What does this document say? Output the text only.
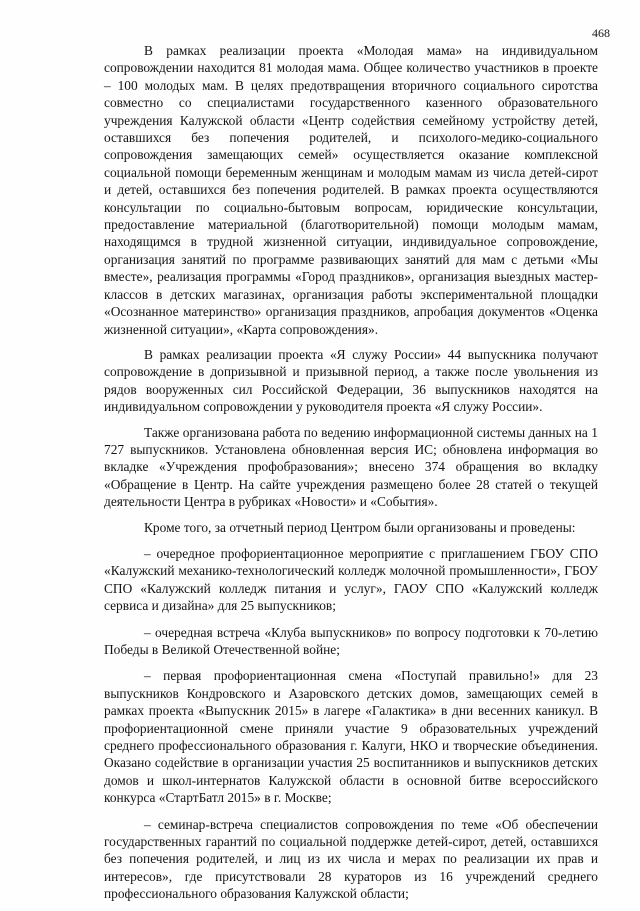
468

В рамках реализации проекта «Молодая мама» на индивидуальном сопровождении находится 81 молодая мама. Общее количество участников в проекте – 100 молодых мам. В целях предотвращения вторичного социального сиротства совместно со специалистами государственного казенного образовательного учреждения Калужской области «Центр содействия семейному устройству детей, оставшихся без попечения родителей, и психолого-медико-социального сопровождения замещающих семей» осуществляется оказание комплексной социальной помощи беременным женщинам и молодым мамам из числа детей-сирот и детей, оставшихся без попечения родителей. В рамках проекта осуществляются консультации по социально-бытовым вопросам, юридические консультации, предоставление материальной (благотворительной) помощи молодым мамам, находящимся в трудной жизненной ситуации, индивидуальное сопровождение, организация занятий по программе развивающих занятий для мам с детьми «Мы вместе», реализация программы «Город праздников», организация выездных мастер-классов в детских магазинах, организация работы экспериментальной площадки «Осознанное материнство» организация праздников, апробация документов «Оценка жизненной ситуации», «Карта сопровождения».

В рамках реализации проекта «Я служу России» 44 выпускника получают сопровождение в допризывной и призывной период, а также после увольнения из рядов вооруженных сил Российской Федерации, 36 выпускников находятся на индивидуальном сопровождении у руководителя проекта «Я служу России».

Также организована работа по ведению информационной системы данных на 1 727 выпускников. Установлена обновленная версия ИС; обновлена информация во вкладке «Учреждения профобразования»; внесено 374 обращения во вкладку «Обращение в Центр. На сайте учреждения размещено более 28 статей о текущей деятельности Центра в рубриках «Новости» и «События».

Кроме того, за отчетный период Центром были организованы и проведены:

– очередное профориентационное мероприятие с приглашением ГБОУ СПО «Калужский механико-технологический колледж молочной промышленности», ГБОУ СПО «Калужский колледж питания и услуг», ГАОУ СПО «Калужский колледж сервиса и дизайна» для 25 выпускников;

– очередная встреча «Клуба выпускников» по вопросу подготовки к 70-летию Победы в Великой Отечественной войне;

– первая профориентационная смена «Поступай правильно!» для 23 выпускников Кондровского и Азаровского детских домов, замещающих семей в рамках проекта «Выпускник 2015» в лагере «Галактика» в дни весенних каникул. В профориентационной смене приняли участие 9 образовательных учреждений среднего профессионального образования г. Калуги, НКО и творческие объединения. Оказано содействие в организации участия 25 воспитанников и выпускников детских домов и школ-интернатов Калужской области в основной битве всероссийского конкурса «СтартБатл 2015» в г. Москве;

– семинар-встреча специалистов сопровождения по теме «Об обеспечении государственных гарантий по социальной поддержке детей-сирот, детей, оставшихся без попечения родителей, и лиц из их числа и мерах по реализации их прав и интересов», где присутствовали 28 кураторов из 16 учреждений среднего профессионального образования Калужской области;
